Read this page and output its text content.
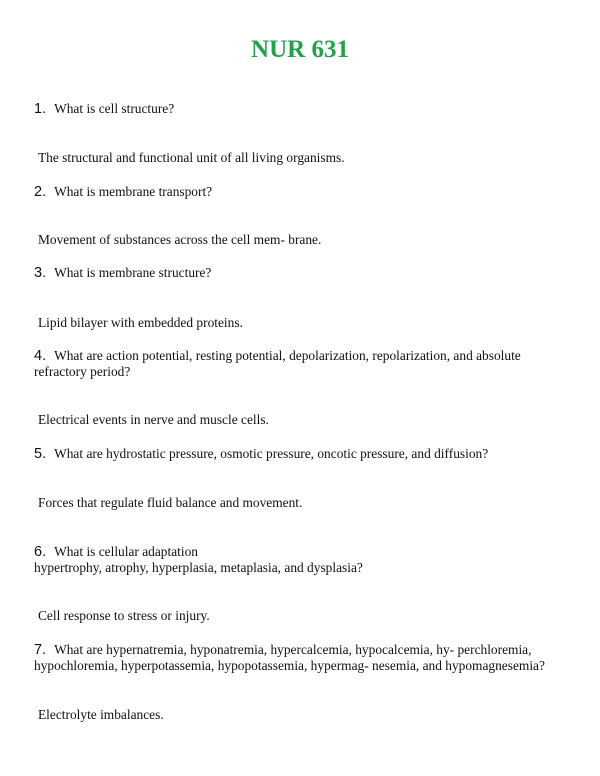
NUR 631

1. What is cell structure?

The structural and functional unit of all living organisms.

2. What is membrane transport?

Movement of substances across the cell mem- brane.

3. What is membrane structure?

Lipid bilayer with embedded proteins.

4. What are action potential, resting potential, depolarization, repolarization, and absolute refractory period?

Electrical events in nerve and muscle cells.

5. What are hydrostatic pressure, osmotic pressure, oncotic pressure, and diffusion?

Forces that regulate fluid balance and movement.

6. What is cellular adaptation
hypertrophy, atrophy, hyperplasia, metaplasia, and dysplasia?

Cell response to stress or injury.

7. What are hypernatremia, hyponatremia, hypercalcemia, hypocalcemia, hy- perchloremia, hypochloremia, hyperpotassemia, hypopotassemia, hypermag- nesemia, and hypomagnesemia?

Electrolyte imbalances.
